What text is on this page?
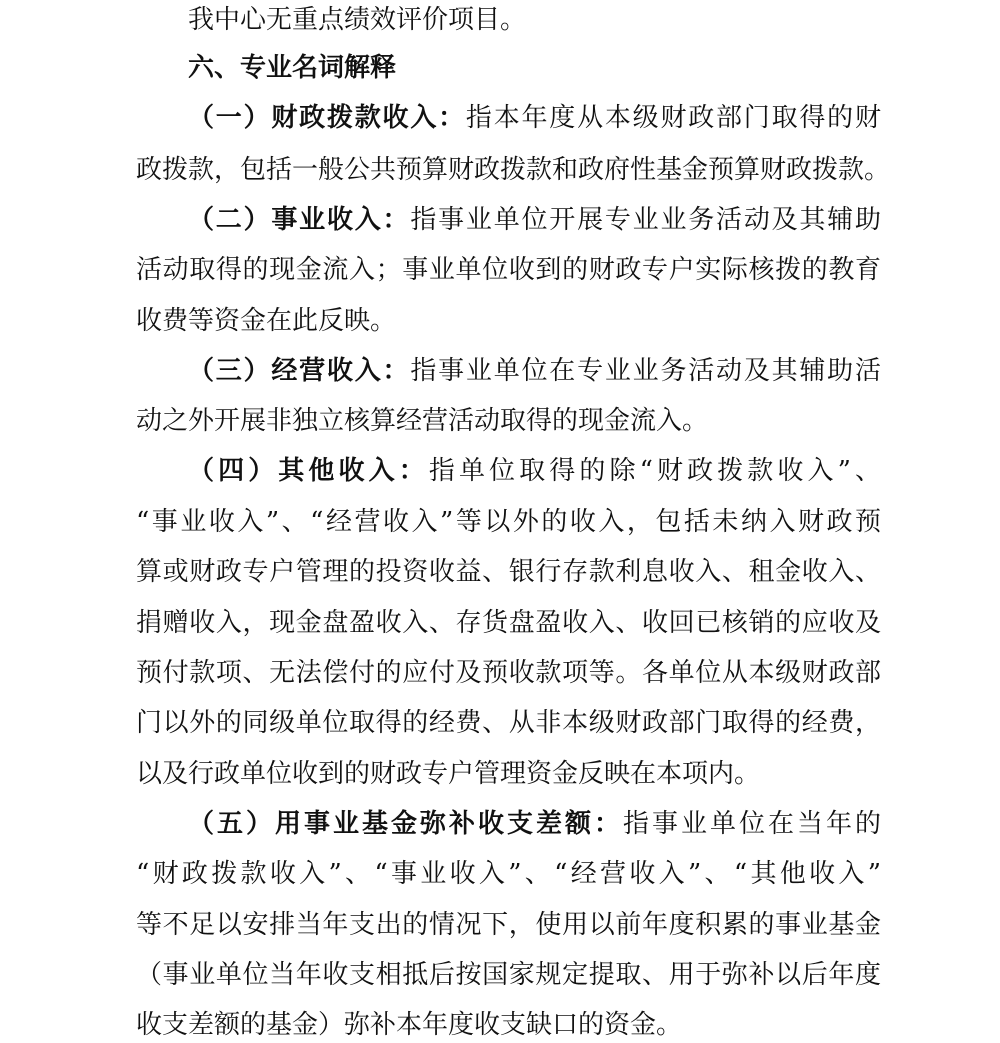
我中心无重点绩效评价项目。
六、专业名词解释
（一）财政拨款收入：指本年度从本级财政部门取得的财
政拨款，包括一般公共预算财政拨款和政府性基金预算财政拨款。
（二）事业收入：指事业单位开展专业业务活动及其辅助
活动取得的现金流入；事业单位收到的财政专户实际核拨的教育
收费等资金在此反映。
（三）经营收入：指事业单位在专业业务活动及其辅助活
动之外开展非独立核算经营活动取得的现金流入。
（四）其他收入：指单位取得的除“财政拨款收入”、
“事业收入”、“经营收入”等以外的收入，包括未纳入财政预
算或财政专户管理的投资收益、银行存款利息收入、租金收入、
捐赠收入，现金盘盈收入、存货盘盈收入、收回已核销的应收及
预付款项、无法偿付的应付及预收款项等。各单位从本级财政部
门以外的同级单位取得的经费、从非本级财政部门取得的经费，
以及行政单位收到的财政专户管理资金反映在本项内。
（五）用事业基金弥补收支差额：指事业单位在当年的
“财政拨款收入”、“事业收入”、“经营收入”、“其他收入”
等不足以安排当年支出的情况下，使用以前年度积累的事业基金
（事业单位当年收支相抵后按国家规定提取、用于弥补以后年度
收支差额的基金）弥补本年度收支缺口的资金。
